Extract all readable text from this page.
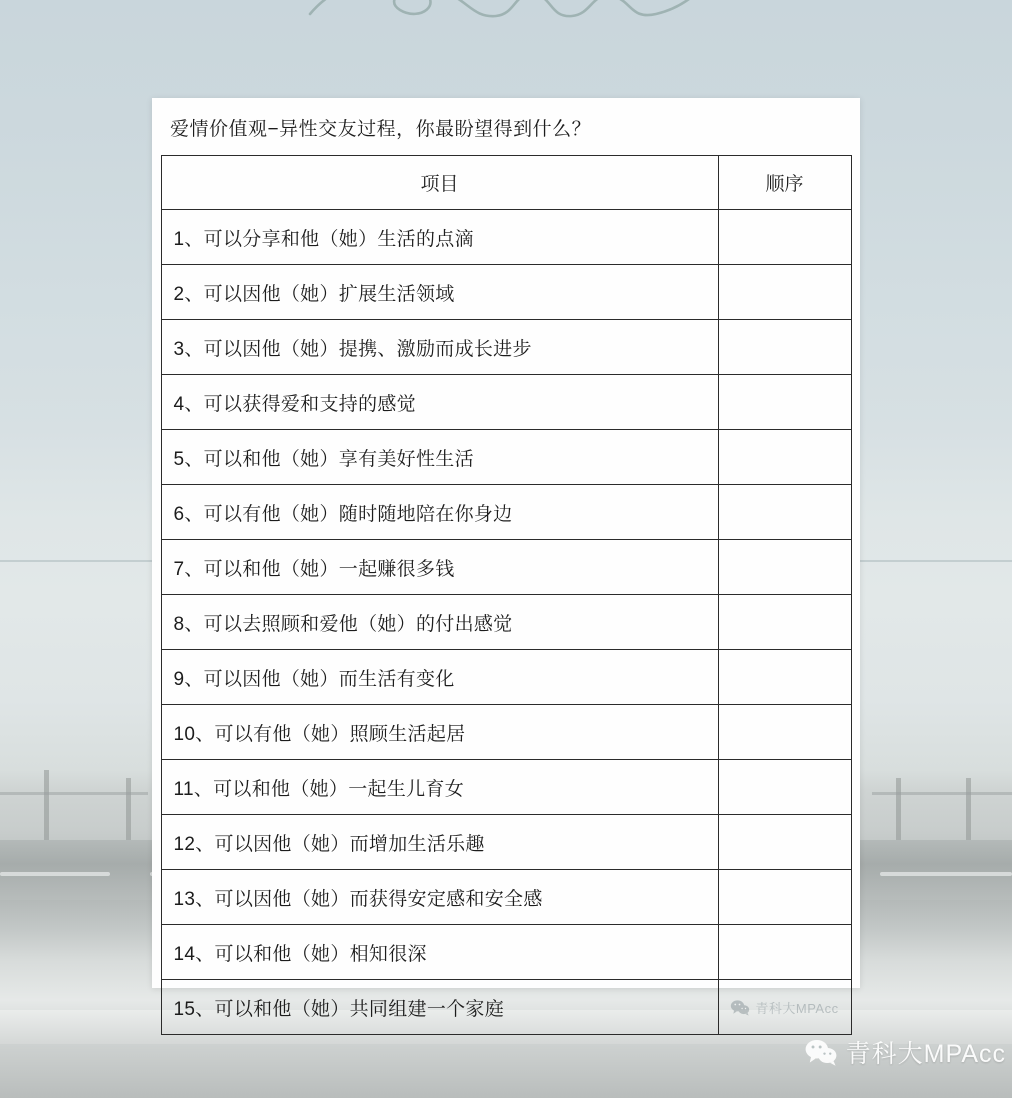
爱情价值观−异性交友过程，你最盼望得到什么？
项目	顺序
1、可以分享和他（她）生活的点滴	
2、可以因他（她）扩展生活领域	
3、可以因他（她）提携、激励而成长进步	
4、可以获得爱和支持的感觉	
5、可以和他（她）享有美好性生活	
6、可以有他（她）随时随地陪在你身边	
7、可以和他（她）一起赚很多钱	
8、可以去照顾和爱他（她）的付出感觉	
9、可以因他（她）而生活有变化	
10、可以有他（她）照顾生活起居	
11、可以和他（她）一起生儿育女	
12、可以因他（她）而增加生活乐趣	
13、可以因他（她）而获得安定感和安全感	
14、可以和他（她）相知很深	
15、可以和他（她）共同组建一个家庭	青科大MPAcc
青科大MPAcc
